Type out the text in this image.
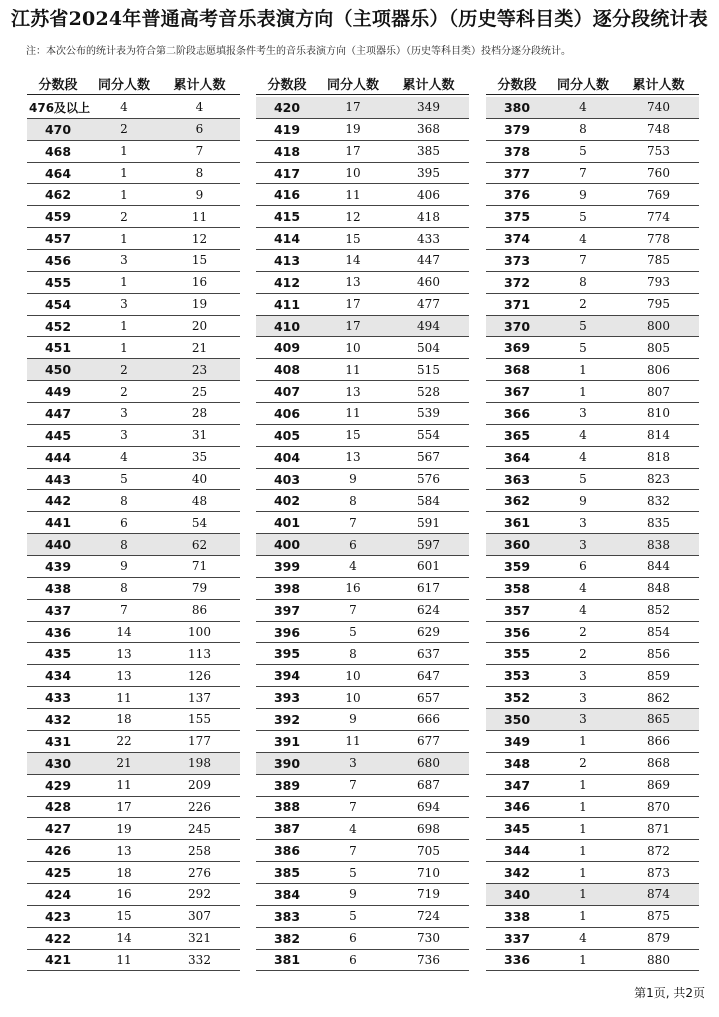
江苏省2024年普通高考音乐表演方向（主项器乐）（历史等科目类）逐分段统计表
注：本次公布的统计表为符合第二阶段志愿填报条件考生的音乐表演方向（主项器乐）（历史等科目类）投档分逐分段统计。
分数段	同分人数	累计人数
476及以上	4	4
470	2	6
468	1	7
464	1	8
462	1	9
459	2	11
457	1	12
456	3	15
455	1	16
454	3	19
452	1	20
451	1	21
450	2	23
449	2	25
447	3	28
445	3	31
444	4	35
443	5	40
442	8	48
441	6	54
440	8	62
439	9	71
438	8	79
437	7	86
436	14	100
435	13	113
434	13	126
433	11	137
432	18	155
431	22	177
430	21	198
429	11	209
428	17	226
427	19	245
426	13	258
425	18	276
424	16	292
423	15	307
422	14	321
421	11	332
分数段	同分人数	累计人数
420	17	349
419	19	368
418	17	385
417	10	395
416	11	406
415	12	418
414	15	433
413	14	447
412	13	460
411	17	477
410	17	494
409	10	504
408	11	515
407	13	528
406	11	539
405	15	554
404	13	567
403	9	576
402	8	584
401	7	591
400	6	597
399	4	601
398	16	617
397	7	624
396	5	629
395	8	637
394	10	647
393	10	657
392	9	666
391	11	677
390	3	680
389	7	687
388	7	694
387	4	698
386	7	705
385	5	710
384	9	719
383	5	724
382	6	730
381	6	736
分数段	同分人数	累计人数
380	4	740
379	8	748
378	5	753
377	7	760
376	9	769
375	5	774
374	4	778
373	7	785
372	8	793
371	2	795
370	5	800
369	5	805
368	1	806
367	1	807
366	3	810
365	4	814
364	4	818
363	5	823
362	9	832
361	3	835
360	3	838
359	6	844
358	4	848
357	4	852
356	2	854
355	2	856
353	3	859
352	3	862
350	3	865
349	1	866
348	2	868
347	1	869
346	1	870
345	1	871
344	1	872
342	1	873
340	1	874
338	1	875
337	4	879
336	1	880
第1页, 共2页
